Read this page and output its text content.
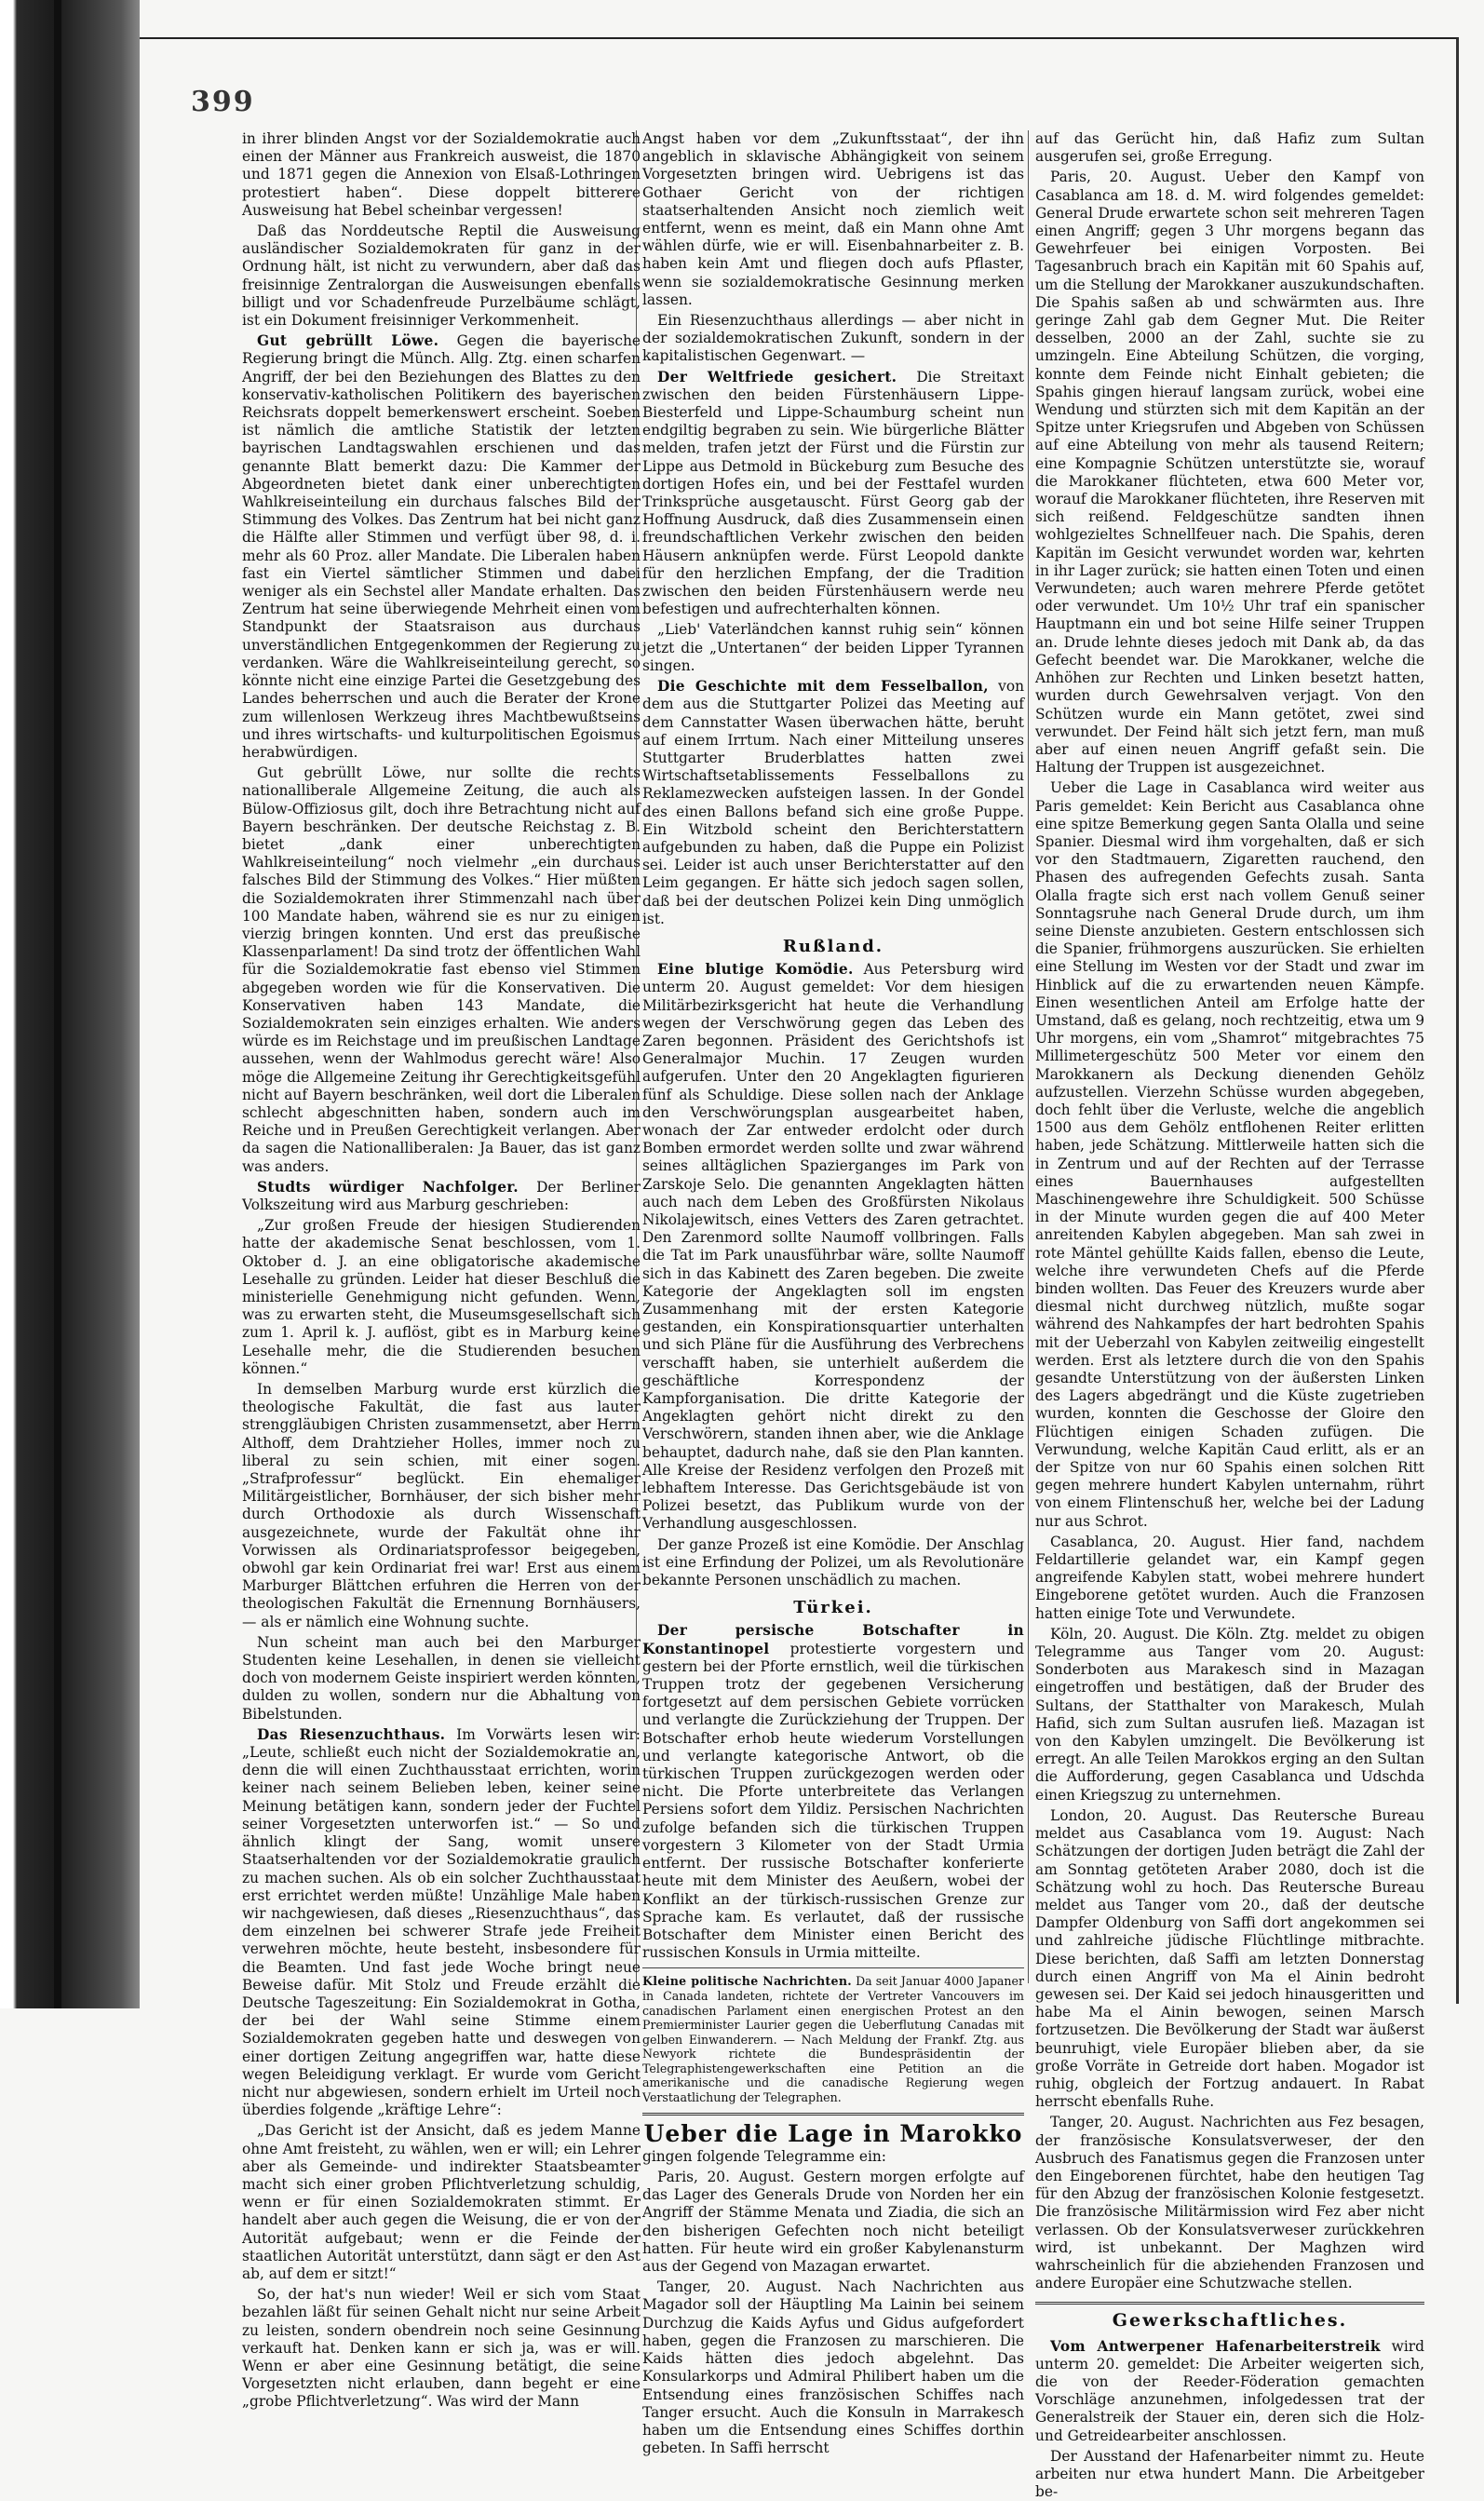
399

in ihrer blinden Angst vor der Sozialdemokratie auch einen der Männer aus Frankreich ausweist, die 1870 und 1871 gegen die Annexion von Elsaß-Lothringen protestiert haben“. Diese doppelt bitterere Ausweisung hat Bebel scheinbar vergessen!

Daß das Norddeutsche Reptil die Ausweisung ausländischer Sozialdemokraten für ganz in der Ordnung hält, ist nicht zu verwundern, aber daß das freisinnige Zentralorgan die Ausweisungen ebenfalls billigt und vor Schadenfreude Purzelbäume schlägt, ist ein Dokument freisinniger Verkommenheit.

Gut gebrüllt Löwe. Gegen die bayerische Regierung bringt die Münch. Allg. Ztg. einen scharfen Angriff, der bei den Beziehungen des Blattes zu den konservativ-katholischen Politikern des bayerischen Reichsrats doppelt bemerkenswert erscheint. Soeben ist nämlich die amtliche Statistik der letzten bayrischen Landtagswahlen erschienen und das genannte Blatt bemerkt dazu: Die Kammer der Abgeordneten bietet dank einer unberechtigten Wahlkreiseinteilung ein durchaus falsches Bild der Stimmung des Volkes. Das Zentrum hat bei nicht ganz die Hälfte aller Stimmen und verfügt über 98, d. i. mehr als 60 Proz. aller Mandate. Die Liberalen haben fast ein Viertel sämtlicher Stimmen und dabei weniger als ein Sechstel aller Mandate erhalten. Das Zentrum hat seine überwiegende Mehrheit einen vom Standpunkt der Staatsraison aus durchaus unverständlichen Entgegenkommen der Regierung zu verdanken. Wäre die Wahlkreiseinteilung gerecht, so könnte nicht eine einzige Partei die Gesetzgebung des Landes beherrschen und auch die Berater der Krone zum willenlosen Werkzeug ihres Machtbewußtseins und ihres wirtschafts- und kulturpolitischen Egoismus herabwürdigen.

Gut gebrüllt Löwe, nur sollte die rechts nationalliberale Allgemeine Zeitung, die auch als Bülow-Offiziosus gilt, doch ihre Betrachtung nicht auf Bayern beschränken. Der deutsche Reichstag z. B. bietet „dank einer unberechtigten Wahlkreiseinteilung“ noch vielmehr „ein durchaus falsches Bild der Stimmung des Volkes.“ Hier müßten die Sozialdemokraten ihrer Stimmenzahl nach über 100 Mandate haben, während sie es nur zu einigen vierzig bringen konnten. Und erst das preußische Klassenparlament! Da sind trotz der öffentlichen Wahl für die Sozialdemokratie fast ebenso viel Stimmen abgegeben worden wie für die Konservativen. Die Konservativen haben 143 Mandate, die Sozialdemokraten sein einziges erhalten. Wie anders würde es im Reichstage und im preußischen Landtage aussehen, wenn der Wahlmodus gerecht wäre! Also möge die Allgemeine Zeitung ihr Gerechtigkeitsgefühl nicht auf Bayern beschränken, weil dort die Liberalen schlecht abgeschnitten haben, sondern auch im Reiche und in Preußen Gerechtigkeit verlangen. Aber da sagen die Nationalliberalen: Ja Bauer, das ist ganz was anders.

Studts würdiger Nachfolger. Der Berliner Volkszeitung wird aus Marburg geschrieben:

„Zur großen Freude der hiesigen Studierenden hatte der akademische Senat beschlossen, vom 1. Oktober d. J. an eine obligatorische akademische Lesehalle zu gründen. Leider hat dieser Beschluß die ministerielle Genehmigung nicht gefunden. Wenn, was zu erwarten steht, die Museumsgesellschaft sich zum 1. April k. J. auflöst, gibt es in Marburg keine Lesehalle mehr, die die Studierenden besuchen können.“

In demselben Marburg wurde erst kürzlich die theologische Fakultät, die fast aus lauter strenggläubigen Christen zusammensetzt, aber Herrn Althoff, dem Drahtzieher Holles, immer noch zu liberal zu sein schien, mit einer sogen. „Strafprofessur“ beglückt. Ein ehemaliger Militärgeistlicher, Bornhäuser, der sich bisher mehr durch Orthodoxie als durch Wissenschaft ausgezeichnete, wurde der Fakultät ohne ihr Vorwissen als Ordinariatsprofessor beigegeben, obwohl gar kein Ordinariat frei war! Erst aus einem Marburger Blättchen erfuhren die Herren von der theologischen Fakultät die Ernennung Bornhäusers, — als er nämlich eine Wohnung suchte.

Nun scheint man auch bei den Marburger Studenten keine Lesehallen, in denen sie vielleicht doch von modernem Geiste inspiriert werden könnten, dulden zu wollen, sondern nur die Abhaltung von Bibelstunden.

Das Riesenzuchthaus. Im Vorwärts lesen wir: „Leute, schließt euch nicht der Sozialdemokratie an, denn die will einen Zuchthausstaat errichten, worin keiner nach seinem Belieben leben, keiner seine Meinung betätigen kann, sondern jeder der Fuchtel seiner Vorgesetzten unterworfen ist.“ — So und ähnlich klingt der Sang, womit unsere Staatserhaltenden vor der Sozialdemokratie graulich zu machen suchen. Als ob ein solcher Zuchthausstaat erst errichtet werden müßte! Unzählige Male haben wir nachgewiesen, daß dieses „Riesenzuchthaus“, das dem einzelnen bei schwerer Strafe jede Freiheit verwehren möchte, heute besteht, insbesondere für die Beamten. Und fast jede Woche bringt neue Beweise dafür. Mit Stolz und Freude erzählt die Deutsche Tageszeitung: Ein Sozialdemokrat in Gotha, der bei der Wahl seine Stimme einem Sozialdemokraten gegeben hatte und deswegen von einer dortigen Zeitung angegriffen war, hatte diese wegen Beleidigung verklagt. Er wurde vom Gericht nicht nur abgewiesen, sondern erhielt im Urteil noch überdies folgende „kräftige Lehre“:

„Das Gericht ist der Ansicht, daß es jedem Manne ohne Amt freisteht, zu wählen, wen er will; ein Lehrer aber als Gemeinde- und indirekter Staatsbeamter macht sich einer groben Pflichtverletzung schuldig, wenn er für einen Sozialdemokraten stimmt. Er handelt aber auch gegen die Weisung, die er von der Autorität aufgebaut; wenn er die Feinde der staatlichen Autorität unterstützt, dann sägt er den Ast ab, auf dem er sitzt!“

So, der hat's nun wieder! Weil er sich vom Staat bezahlen läßt für seinen Gehalt nicht nur seine Arbeit zu leisten, sondern obendrein noch seine Gesinnung verkauft hat. Denken kann er sich ja, was er will. Wenn er aber eine Gesinnung betätigt, die seine Vorgesetzten nicht erlauben, dann begeht er eine „grobe Pflichtverletzung“. Was wird der Mann

Angst haben vor dem „Zukunftsstaat“, der ihn angeblich in sklavische Abhängigkeit von seinem Vorgesetzten bringen wird. Uebrigens ist das Gothaer Gericht von der richtigen staatserhaltenden Ansicht noch ziemlich weit entfernt, wenn es meint, daß ein Mann ohne Amt wählen dürfe, wie er will. Eisenbahnarbeiter z. B. haben kein Amt und fliegen doch aufs Pflaster, wenn sie sozialdemokratische Gesinnung merken lassen.

Ein Riesenzuchthaus allerdings — aber nicht in der sozialdemokratischen Zukunft, sondern in der kapitalistischen Gegenwart. —

Der Weltfriede gesichert. Die Streitaxt zwischen den beiden Fürstenhäusern Lippe-Biesterfeld und Lippe-Schaumburg scheint nun endgiltig begraben zu sein. Wie bürgerliche Blätter melden, trafen jetzt der Fürst und die Fürstin zur Lippe aus Detmold in Bückeburg zum Besuche des dortigen Hofes ein, und bei der Festtafel wurden Trinksprüche ausgetauscht. Fürst Georg gab der Hoffnung Ausdruck, daß dies Zusammensein einen freundschaftlichen Verkehr zwischen den beiden Häusern anknüpfen werde. Fürst Leopold dankte für den herzlichen Empfang, der die Tradition zwischen den beiden Fürstenhäusern werde neu befestigen und aufrechterhalten können.

„Lieb' Vaterländchen kannst ruhig sein“ können jetzt die „Untertanen“ der beiden Lipper Tyrannen singen.

Die Geschichte mit dem Fesselballon, von dem aus die Stuttgarter Polizei das Meeting auf dem Cannstatter Wasen überwachen hätte, beruht auf einem Irrtum. Nach einer Mitteilung unseres Stuttgarter Bruderblattes hatten zwei Wirtschaftsetablissements Fesselballons zu Reklamezwecken aufsteigen lassen. In der Gondel des einen Ballons befand sich eine große Puppe. Ein Witzbold scheint den Berichterstattern aufgebunden zu haben, daß die Puppe ein Polizist sei. Leider ist auch unser Berichterstatter auf den Leim gegangen. Er hätte sich jedoch sagen sollen, daß bei der deutschen Polizei kein Ding unmöglich ist.

Rußland.

Eine blutige Komödie. Aus Petersburg wird unterm 20. August gemeldet: Vor dem hiesigen Militärbezirksgericht hat heute die Verhandlung wegen der Verschwörung gegen das Leben des Zaren begonnen. Präsident des Gerichtshofs ist Generalmajor Muchin. 17 Zeugen wurden aufgerufen. Unter den 20 Angeklagten figurieren fünf als Schuldige. Diese sollen nach der Anklage den Verschwörungsplan ausgearbeitet haben, wonach der Zar entweder erdolcht oder durch Bomben ermordet werden sollte und zwar während seines alltäglichen Spazierganges im Park von Zarskoje Selo. Die genannten Angeklagten hätten auch nach dem Leben des Großfürsten Nikolaus Nikolajewitsch, eines Vetters des Zaren getrachtet. Den Zarenmord sollte Naumoff vollbringen. Falls die Tat im Park unausführbar wäre, sollte Naumoff sich in das Kabinett des Zaren begeben. Die zweite Kategorie der Angeklagten soll im engsten Zusammenhang mit der ersten Kategorie gestanden, ein Konspirationsquartier unterhalten und sich Pläne für die Ausführung des Verbrechens verschafft haben, sie unterhielt außerdem die geschäftliche Korrespondenz der Kampforganisation. Die dritte Kategorie der Angeklagten gehört nicht direkt zu den Verschwörern, standen ihnen aber, wie die Anklage behauptet, dadurch nahe, daß sie den Plan kannten. Alle Kreise der Residenz verfolgen den Prozeß mit lebhaftem Interesse. Das Gerichtsgebäude ist von Polizei besetzt, das Publikum wurde von der Verhandlung ausgeschlossen.

Der ganze Prozeß ist eine Komödie. Der Anschlag ist eine Erfindung der Polizei, um als Revolutionäre bekannte Personen unschädlich zu machen.

Türkei.

Der persische Botschafter in Konstantinopel protestierte vorgestern und gestern bei der Pforte ernstlich, weil die türkischen Truppen trotz der gegebenen Versicherung fortgesetzt auf dem persischen Gebiete vorrücken und verlangte die Zurückziehung der Truppen. Der Botschafter erhob heute wiederum Vorstellungen und verlangte kategorische Antwort, ob die türkischen Truppen zurückgezogen werden oder nicht. Die Pforte unterbreitete das Verlangen Persiens sofort dem Yildiz. Persischen Nachrichten zufolge befanden sich die türkischen Truppen vorgestern 3 Kilometer von der Stadt Urmia entfernt. Der russische Botschafter konferierte heute mit dem Minister des Aeußern, wobei der Konflikt an der türkisch-russischen Grenze zur Sprache kam. Es verlautet, daß der russische Botschafter dem Minister einen Bericht des russischen Konsuls in Urmia mitteilte.

Kleine politische Nachrichten. Da seit Januar 4000 Japaner in Canada landeten, richtete der Vertreter Vancouvers im canadischen Parlament einen energischen Protest an den Premierminister Laurier gegen die Ueberflutung Canadas mit gelben Einwanderern. — Nach Meldung der Frankf. Ztg. aus Newyork richtete die Bundespräsidentin der Telegraphistengewerkschaften eine Petition an die amerikanische und die canadische Regierung wegen Verstaatlichung der Telegraphen.
Ueber die Lage in Marokko

gingen folgende Telegramme ein:

Paris, 20. August. Gestern morgen erfolgte auf das Lager des Generals Drude von Norden her ein Angriff der Stämme Menata und Ziadia, die sich an den bisherigen Gefechten noch nicht beteiligt hatten. Für heute wird ein großer Kabylenansturm aus der Gegend von Mazagan erwartet.

Tanger, 20. August. Nach Nachrichten aus Magador soll der Häuptling Ma Lainin bei seinem Durchzug die Kaids Ayfus und Gidus aufgefordert haben, gegen die Franzosen zu marschieren. Die Kaids hätten dies jedoch abgelehnt. Das Konsularkorps und Admiral Philibert haben um die Entsendung eines französischen Schiffes nach Tanger ersucht. Auch die Konsuln in Marrakesch haben um die Entsendung eines Schiffes dorthin gebeten. In Saffi herrscht

auf das Gerücht hin, daß Hafiz zum Sultan ausgerufen sei, große Erregung.

Paris, 20. August. Ueber den Kampf von Casablanca am 18. d. M. wird folgendes gemeldet: General Drude erwartete schon seit mehreren Tagen einen Angriff; gegen 3 Uhr morgens begann das Gewehrfeuer bei einigen Vorposten. Bei Tagesanbruch brach ein Kapitän mit 60 Spahis auf, um die Stellung der Marokkaner auszukundschaften. Die Spahis saßen ab und schwärmten aus. Ihre geringe Zahl gab dem Gegner Mut. Die Reiter desselben, 2000 an der Zahl, suchte sie zu umzingeln. Eine Abteilung Schützen, die vorging, konnte dem Feinde nicht Einhalt gebieten; die Spahis gingen hierauf langsam zurück, wobei eine Wendung und stürzten sich mit dem Kapitän an der Spitze unter Kriegsrufen und Abgeben von Schüssen auf eine Abteilung von mehr als tausend Reitern; eine Kompagnie Schützen unterstützte sie, worauf die Marokkaner flüchteten, etwa 600 Meter vor, worauf die Marokkaner flüchteten, ihre Reserven mit sich reißend. Feldgeschütze sandten ihnen wohlgezieltes Schnellfeuer nach. Die Spahis, deren Kapitän im Gesicht verwundet worden war, kehrten in ihr Lager zurück; sie hatten einen Toten und einen Verwundeten; auch waren mehrere Pferde getötet oder verwundet. Um 10½ Uhr traf ein spanischer Hauptmann ein und bot seine Hilfe seiner Truppen an. Drude lehnte dieses jedoch mit Dank ab, da das Gefecht beendet war. Die Marokkaner, welche die Anhöhen zur Rechten und Linken besetzt hatten, wurden durch Gewehrsalven verjagt. Von den Schützen wurde ein Mann getötet, zwei sind verwundet. Der Feind hält sich jetzt fern, man muß aber auf einen neuen Angriff gefaßt sein. Die Haltung der Truppen ist ausgezeichnet.

Ueber die Lage in Casablanca wird weiter aus Paris gemeldet: Kein Bericht aus Casablanca ohne eine spitze Bemerkung gegen Santa Olalla und seine Spanier. Diesmal wird ihm vorgehalten, daß er sich vor den Stadtmauern, Zigaretten rauchend, den Phasen des aufregenden Gefechts zusah. Santa Olalla fragte sich erst nach vollem Genuß seiner Sonntagsruhe nach General Drude durch, um ihm seine Dienste anzubieten. Gestern entschlossen sich die Spanier, frühmorgens auszurücken. Sie erhielten eine Stellung im Westen vor der Stadt und zwar im Hinblick auf die zu erwartenden neuen Kämpfe. Einen wesentlichen Anteil am Erfolge hatte der Umstand, daß es gelang, noch rechtzeitig, etwa um 9 Uhr morgens, ein vom „Shamrot“ mitgebrachtes 75 Millimetergeschütz 500 Meter vor einem den Marokkanern als Deckung dienenden Gehölz aufzustellen. Vierzehn Schüsse wurden abgegeben, doch fehlt über die Verluste, welche die angeblich 1500 aus dem Gehölz entflohenen Reiter erlitten haben, jede Schätzung. Mittlerweile hatten sich die in Zentrum und auf der Rechten auf der Terrasse eines Bauernhauses aufgestellten Maschinengewehre ihre Schuldigkeit. 500 Schüsse in der Minute wurden gegen die auf 400 Meter anreitenden Kabylen abgegeben. Man sah zwei in rote Mäntel gehüllte Kaids fallen, ebenso die Leute, welche ihre verwundeten Chefs auf die Pferde binden wollten. Das Feuer des Kreuzers wurde aber diesmal nicht durchweg nützlich, mußte sogar während des Nahkampfes der hart bedrohten Spahis mit der Ueberzahl von Kabylen zeitweilig eingestellt werden. Erst als letztere durch die von den Spahis gesandte Unterstützung von der äußersten Linken des Lagers abgedrängt und die Küste zugetrieben wurden, konnten die Geschosse der Gloire den Flüchtigen einigen Schaden zufügen. Die Verwundung, welche Kapitän Caud erlitt, als er an der Spitze von nur 60 Spahis einen solchen Ritt gegen mehrere hundert Kabylen unternahm, rührt von einem Flintenschuß her, welche bei der Ladung nur aus Schrot.

Casablanca, 20. August. Hier fand, nachdem Feldartillerie gelandet war, ein Kampf gegen angreifende Kabylen statt, wobei mehrere hundert Eingeborene getötet wurden. Auch die Franzosen hatten einige Tote und Verwundete.

Köln, 20. August. Die Köln. Ztg. meldet zu obigen Telegramme aus Tanger vom 20. August: Sonderboten aus Marakesch sind in Mazagan eingetroffen und bestätigen, daß der Bruder des Sultans, der Statthalter von Marakesch, Mulah Hafid, sich zum Sultan ausrufen ließ. Mazagan ist von den Kabylen umzingelt. Die Bevölkerung ist erregt. An alle Teilen Marokkos erging an den Sultan die Aufforderung, gegen Casablanca und Udschda einen Kriegszug zu unternehmen.

London, 20. August. Das Reutersche Bureau meldet aus Casablanca vom 19. August: Nach Schätzungen der dortigen Juden beträgt die Zahl der am Sonntag getöteten Araber 2080, doch ist die Schätzung wohl zu hoch. Das Reutersche Bureau meldet aus Tanger vom 20., daß der deutsche Dampfer Oldenburg von Saffi dort angekommen sei und zahlreiche jüdische Flüchtlinge mitbrachte. Diese berichten, daß Saffi am letzten Donnerstag durch einen Angriff von Ma el Ainin bedroht gewesen sei. Der Kaid sei jedoch hinausgeritten und habe Ma el Ainin bewogen, seinen Marsch fortzusetzen. Die Bevölkerung der Stadt war äußerst beunruhigt, viele Europäer blieben aber, da sie große Vorräte in Getreide dort haben. Mogador ist ruhig, obgleich der Fortzug andauert. In Rabat herrscht ebenfalls Ruhe.

Tanger, 20. August. Nachrichten aus Fez besagen, der französische Konsulatsverweser, der den Ausbruch des Fanatismus gegen die Franzosen unter den Eingeborenen fürchtet, habe den heutigen Tag für den Abzug der französischen Kolonie festgesetzt. Die französische Militärmission wird Fez aber nicht verlassen. Ob der Konsulatsverweser zurückkehren wird, ist unbekannt. Der Maghzen wird wahrscheinlich für die abziehenden Franzosen und andere Europäer eine Schutzwache stellen.

Gewerkschaftliches.

Vom Antwerpener Hafenarbeiterstreik wird unterm 20. gemeldet: Die Arbeiter weigerten sich, die von der Reeder-Föderation gemachten Vorschläge anzunehmen, infolgedessen trat der Generalstreik der Stauer ein, deren sich die Holz- und Getreidearbeiter anschlossen.

Der Ausstand der Hafenarbeiter nimmt zu. Heute arbeiten nur etwa hundert Mann. Die Arbeitgeber be-
